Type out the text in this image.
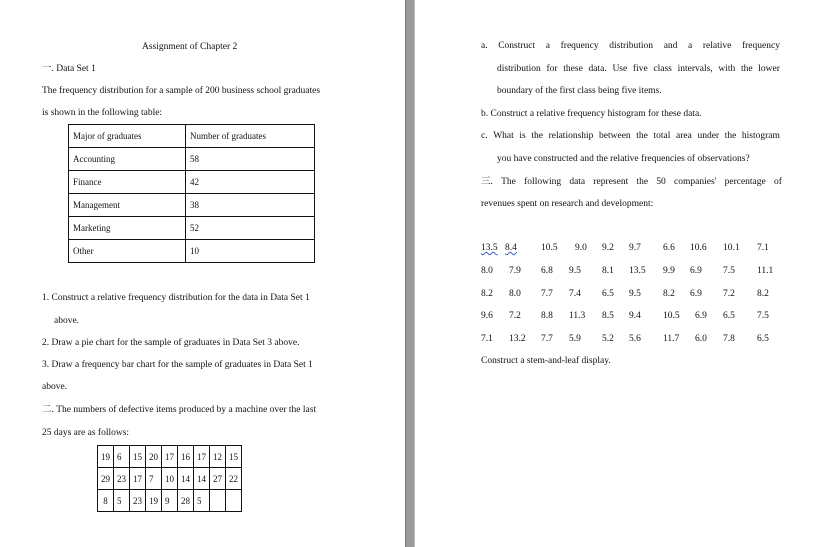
Assignment of Chapter 2
一. Data Set 1
The frequency distribution for a sample of 200 business school graduates
is shown in the following table:
Major of graduates	Number of graduates
Accounting	58
Finance	42
Management	38
Marketing	52
Other	10
1. Construct a relative frequency distribution for the data in Data Set 1
above.
2. Draw a pie chart for the sample of graduates in Data Set 3 above.
3. Draw a frequency bar chart for the sample of graduates in Data Set 1
above.
二. The numbers of defective items produced by a machine over the last
25 days are as follows:
19	6	15	20	17	16	17	12	15
29	23	17	7	10	14	14	27	22
8	5	23	19	9	28	5		
a. Construct a frequency distribution and a relative frequency
distribution for these data. Use five class intervals, with the lower
boundary of the first class being five items.
b. Construct a relative frequency histogram for these data.
c. What is the relationship between the total area under the histogram
you have constructed and the relative frequencies of observations?
三. The following data represent the 50 companies' percentage of
revenues spent on research and development:
13.5 8.4	10.5 9.0 9.2 9.7 6.6 10.6 10.1 7.1
8.0 7.9 6.8 9.5 8.1 13.5 9.9 6.9 7.5 11.1
8.2 8.0 7.7 7.4 6.5 9.5 8.2 6.9 7.2 8.2
9.6 7.2 8.8 11.3 8.5 9.4 10.5 6.9 6.5 7.5
7.1 13.2 7.7 5.9 5.2 5.6 11.7 6.0 7.8 6.5
Construct a stem-and-leaf display.
